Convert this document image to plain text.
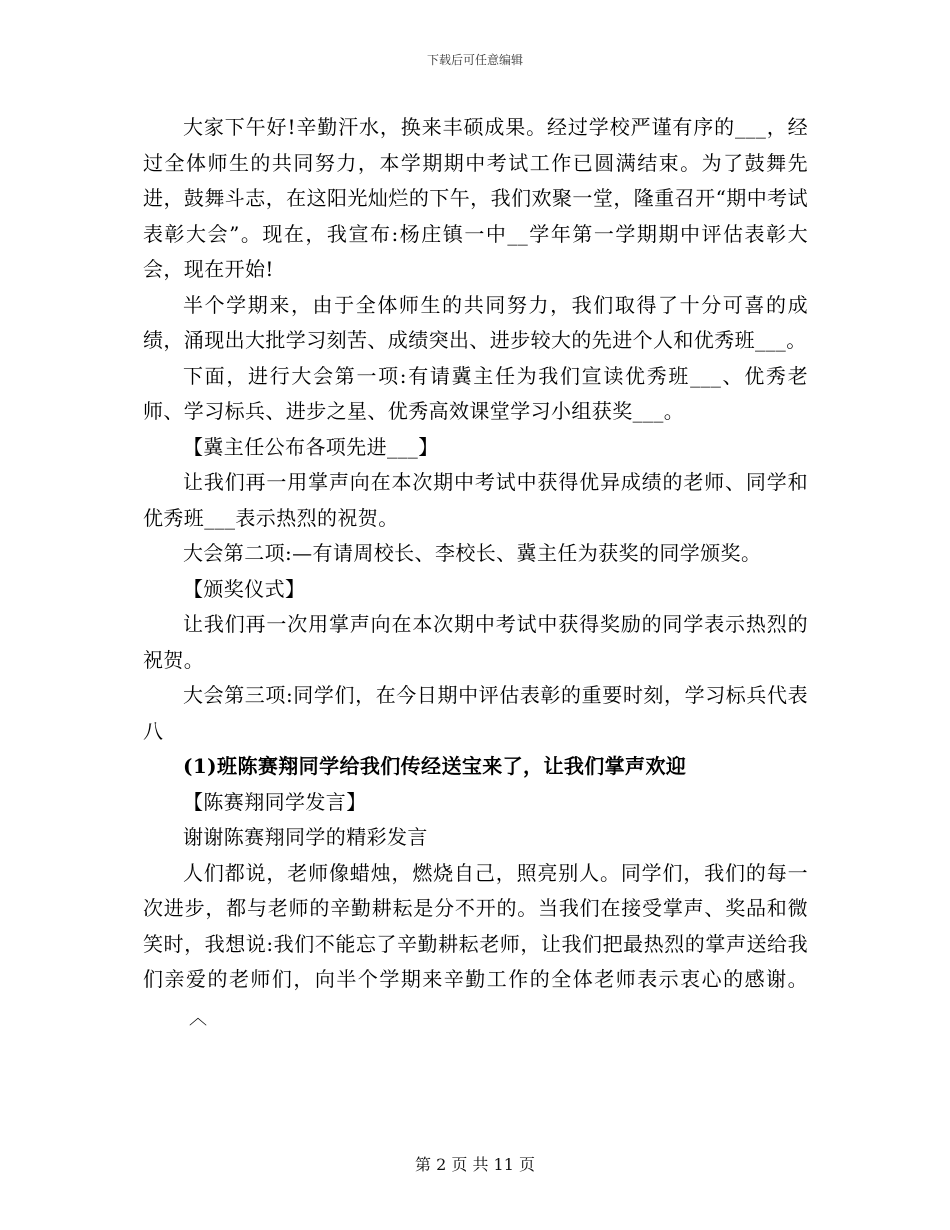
下载后可任意编辑

大家下午好!辛勤汗水，换来丰硕成果。经过学校严谨有序的___，经过全体师生的共同努力，本学期期中考试工作已圆满结束。为了鼓舞先进，鼓舞斗志，在这阳光灿烂的下午，我们欢聚一堂，隆重召开“期中考试表彰大会”。现在，我宣布:杨庄镇一中__学年第一学期期中评估表彰大会，现在开始!

半个学期来，由于全体师生的共同努力，我们取得了十分可喜的成绩，涌现出大批学习刻苦、成绩突出、进步较大的先进个人和优秀班___。

下面，进行大会第一项:有请冀主任为我们宣读优秀班___、优秀老师、学习标兵、进步之星、优秀高效课堂学习小组获奖___。

【冀主任公布各项先进___】

让我们再一用掌声向在本次期中考试中获得优异成绩的老师、同学和优秀班___表示热烈的祝贺。

大会第二项:—有请周校长、李校长、冀主任为获奖的同学颁奖。

【颁奖仪式】

让我们再一次用掌声向在本次期中考试中获得奖励的同学表示热烈的祝贺。

大会第三项:同学们，在今日期中评估表彰的重要时刻，学习标兵代表八

(1)班陈赛翔同学给我们传经送宝来了，让我们掌声欢迎

【陈赛翔同学发言】

谢谢陈赛翔同学的精彩发言

人们都说，老师像蜡烛，燃烧自己，照亮别人。同学们，我们的每一次进步，都与老师的辛勤耕耘是分不开的。当我们在接受掌声、奖品和微笑时，我想说:我们不能忘了辛勤耕耘老师，让我们把最热烈的掌声送给我们亲爱的老师们，向半个学期来辛勤工作的全体老师表示衷心的感谢。︿

第 2 页 共 11 页
